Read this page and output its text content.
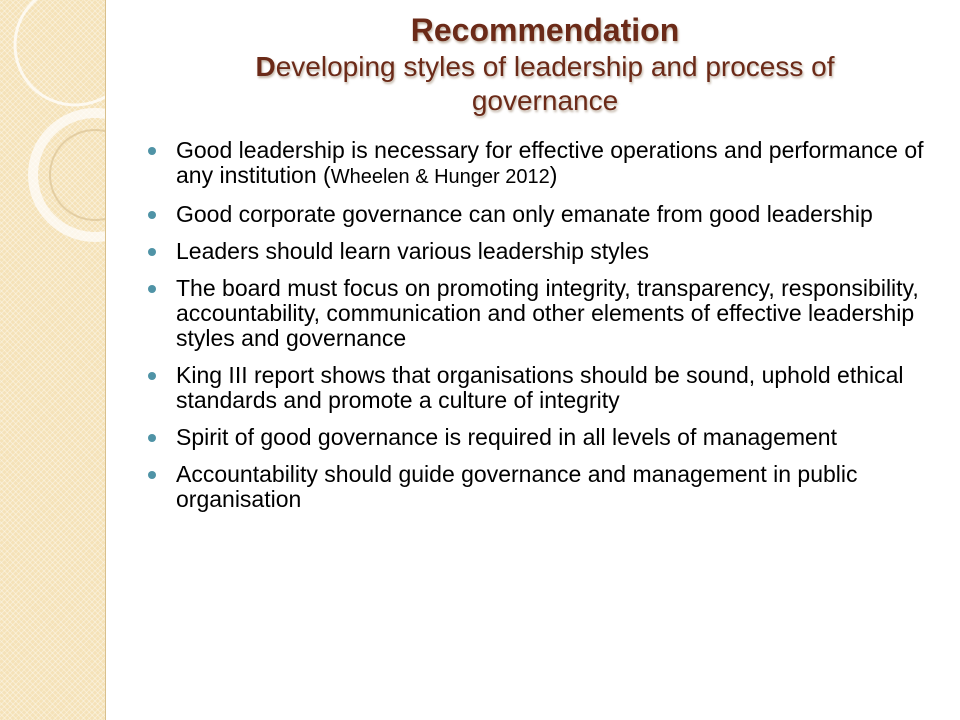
Recommendation
Developing styles of leadership and process of governance
Good leadership is necessary for effective operations and performance of any institution (Wheelen & Hunger 2012)
Good corporate governance can only emanate from good leadership
Leaders should learn various leadership styles
The board must focus on promoting integrity, transparency, responsibility, accountability, communication and other elements of effective leadership styles and governance
King III report shows that organisations should be sound, uphold ethical standards and promote a culture of integrity
Spirit of good governance is required in all levels of management
Accountability should guide governance and management in public organisation
